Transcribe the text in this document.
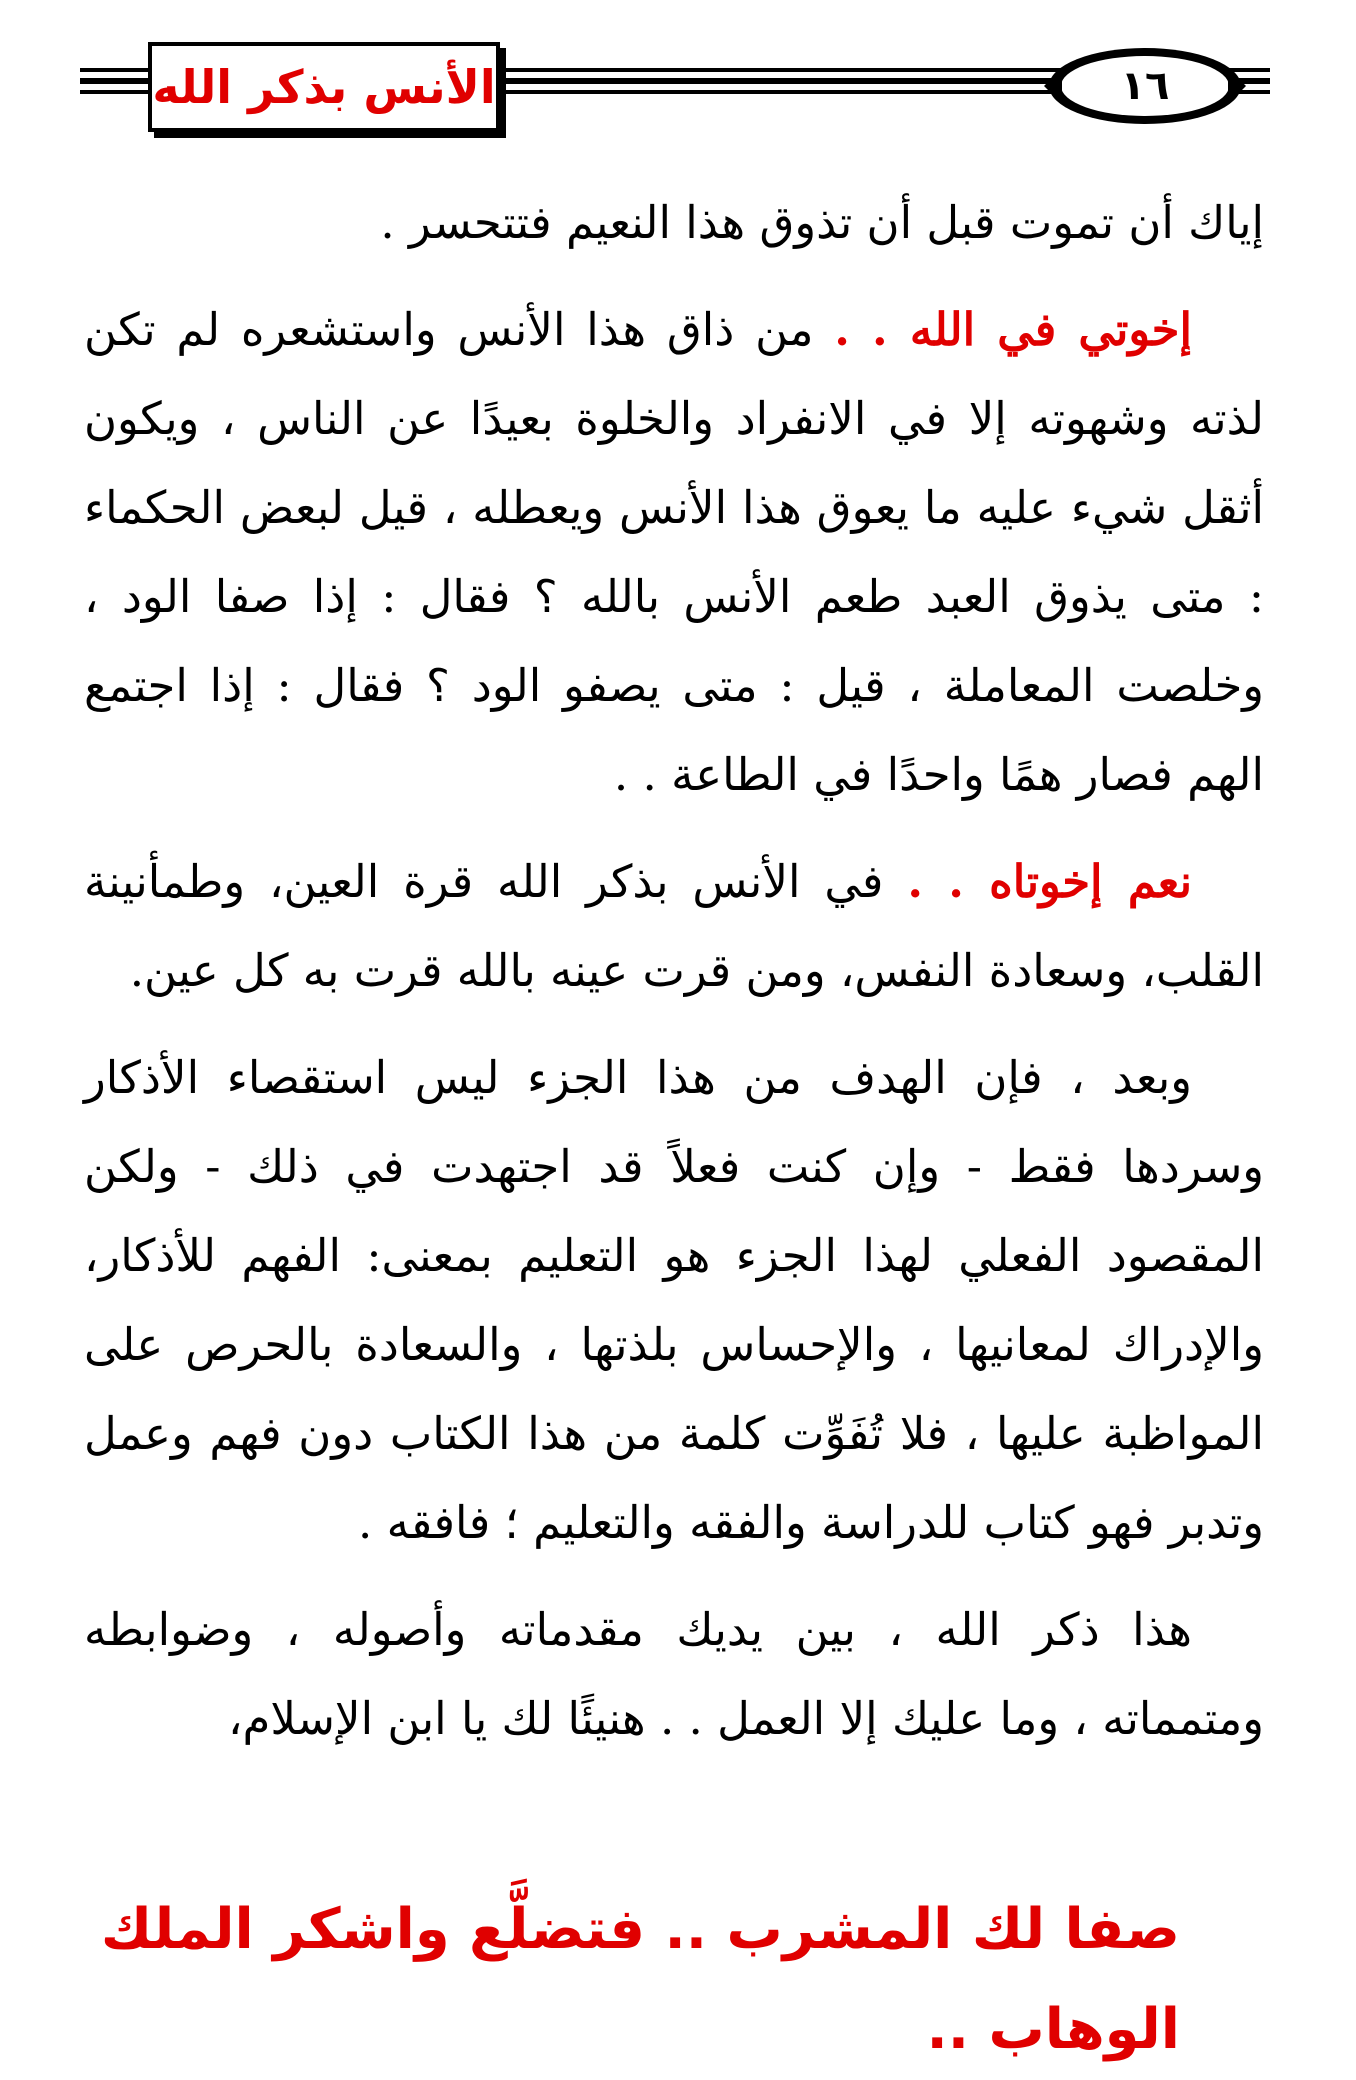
الأنس بذكر الله	١٦

إياك أن تموت قبل أن تذوق هذا النعيم فتتحسر .

إخوتي في الله . . من ذاق هذا الأنس واستشعره لم تكن لذته وشهوته إلا في الانفراد والخلوة بعيدًا عن الناس ، ويكون أثقل شيء عليه ما يعوق هذا الأنس ويعطله ، قيل لبعض الحكماء : متى يذوق العبد طعم الأنس بالله ؟ فقال : إذا صفا الود ، وخلصت المعاملة ، قيل : متى يصفو الود ؟ فقال : إذا اجتمع الهم فصار همًا واحدًا في الطاعة . .

نعم إخوتاه . . في الأنس بذكر الله قرة العين، وطمأنينة القلب، وسعادة النفس، ومن قرت عينه بالله قرت به كل عين.

وبعد ، فإن الهدف من هذا الجزء ليس استقصاء الأذكار وسردها فقط - وإن كنت فعلاً قد اجتهدت في ذلك - ولكن المقصود الفعلي لهذا الجزء هو التعليم بمعنى: الفهم للأذكار، والإدراك لمعانيها ، والإحساس بلذتها ، والسعادة بالحرص على المواظبة عليها ، فلا تُفَوِّت كلمة من هذا الكتاب دون فهم وعمل وتدبر فهو كتاب للدراسة والفقه والتعليم ؛ فافقه .

هذا ذكر الله ، بين يديك مقدماته وأصوله ، وضوابطه ومتمماته ، وما عليك إلا العمل . . هنيئًا لك يا ابن الإسلام،

صفا لك المشرب .. فتضلَّع واشكر الملك الوهاب ..
